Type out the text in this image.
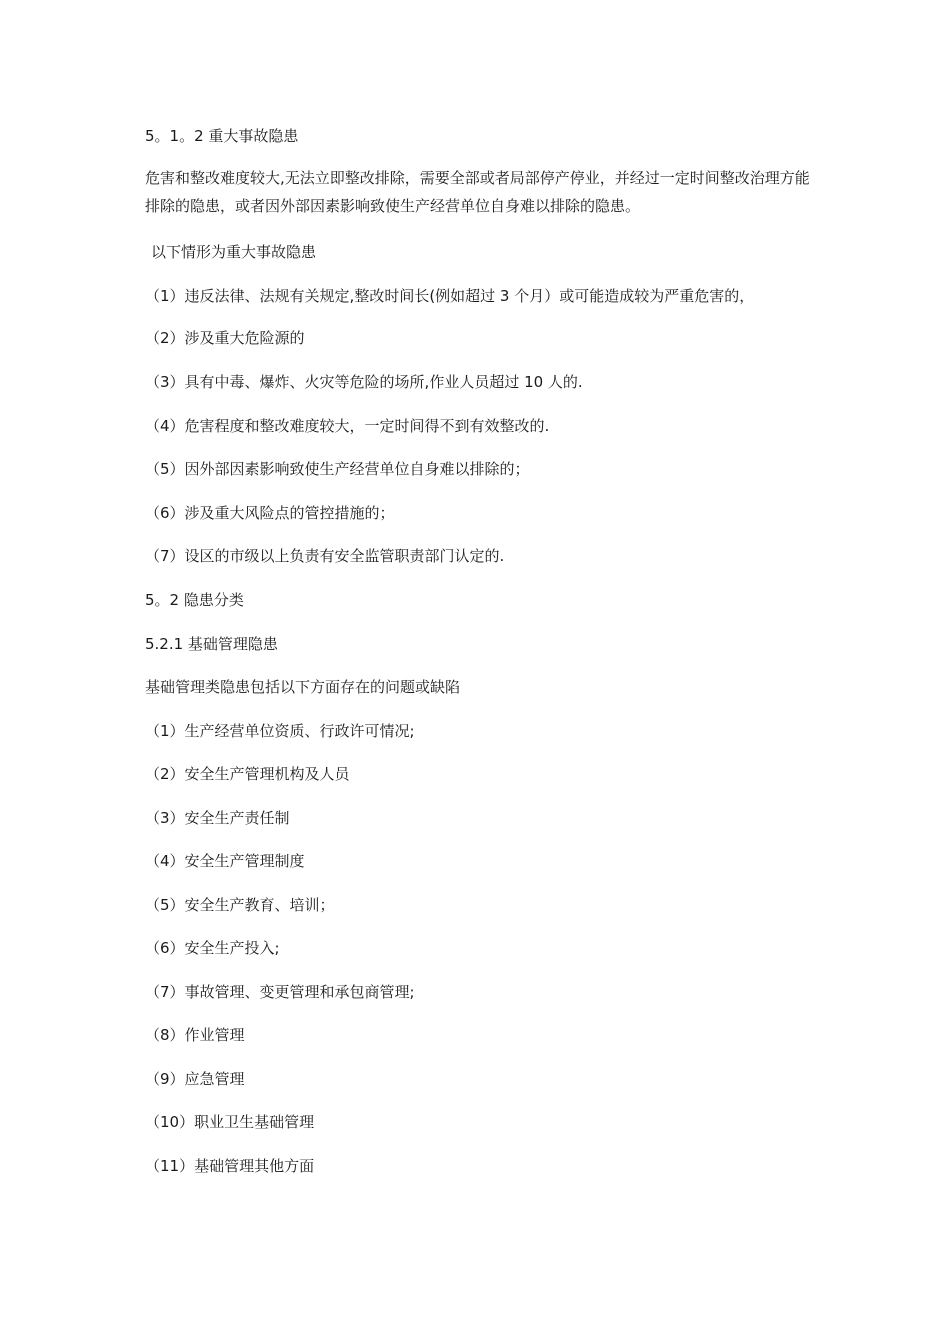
5。1。2 重大事故隐患

危害和整改难度较大,无法立即整改排除，需要全部或者局部停产停业，并经过一定时间整改治理方能排除的隐患，或者因外部因素影响致使生产经营单位自身难以排除的隐患。

以下情形为重大事故隐患

（1）违反法律、法规有关规定,整改时间长(例如超过 3 个月）或可能造成较为严重危害的，

（2）涉及重大危险源的

（3）具有中毒、爆炸、火灾等危险的场所,作业人员超过 10 人的.

（4）危害程度和整改难度较大，一定时间得不到有效整改的.

（5）因外部因素影响致使生产经营单位自身难以排除的；

（6）涉及重大风险点的管控措施的；

（7）设区的市级以上负责有安全监管职责部门认定的.

5。2 隐患分类

5.2.1 基础管理隐患

基础管理类隐患包括以下方面存在的问题或缺陷

（1）生产经营单位资质、行政许可情况;

（2）安全生产管理机构及人员

（3）安全生产责任制

（4）安全生产管理制度

（5）安全生产教育、培训；

（6）安全生产投入;

（7）事故管理、变更管理和承包商管理;

（8）作业管理

（9）应急管理

（10）职业卫生基础管理

（11）基础管理其他方面
